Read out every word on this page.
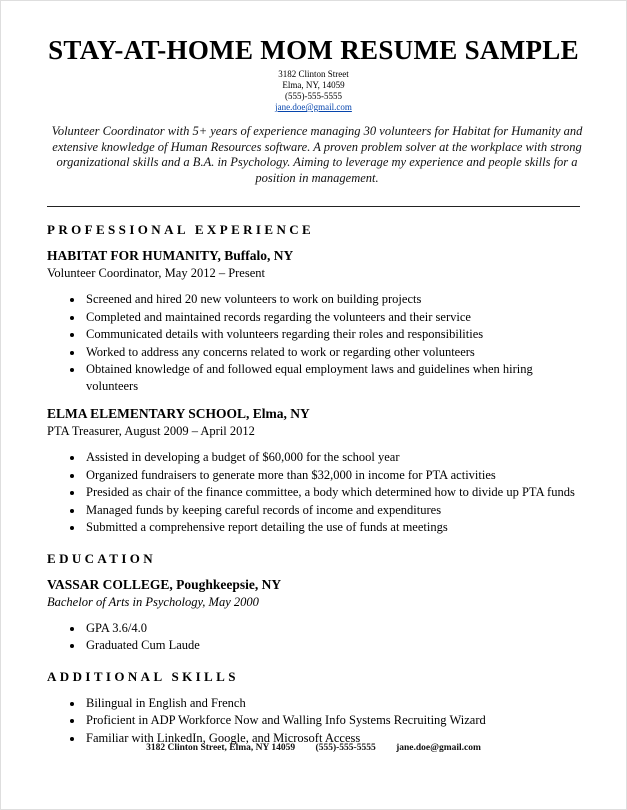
STAY-AT-HOME MOM RESUME SAMPLE
3182 Clinton Street
Elma, NY, 14059
(555)-555-5555
jane.doe@gmail.com

Volunteer Coordinator with 5+ years of experience managing 30 volunteers for Habitat for Humanity and extensive knowledge of Human Resources software. A proven problem solver at the workplace with strong organizational skills and a B.A. in Psychology. Aiming to leverage my experience and people skills for a position in management.

PROFESSIONAL EXPERIENCE
HABITAT FOR HUMANITY, Buffalo, NY
Volunteer Coordinator, May 2012 – Present
• Screened and hired 20 new volunteers to work on building projects
• Completed and maintained records regarding the volunteers and their service
• Communicated details with volunteers regarding their roles and responsibilities
• Worked to address any concerns related to work or regarding other volunteers
• Obtained knowledge of and followed equal employment laws and guidelines when hiring volunteers
ELMA ELEMENTARY SCHOOL, Elma, NY
PTA Treasurer, August 2009 – April 2012
• Assisted in developing a budget of $60,000 for the school year
• Organized fundraisers to generate more than $32,000 in income for PTA activities
• Presided as chair of the finance committee, a body which determined how to divide up PTA funds
• Managed funds by keeping careful records of income and expenditures
• Submitted a comprehensive report detailing the use of funds at meetings
EDUCATION
VASSAR COLLEGE, Poughkeepsie, NY
Bachelor of Arts in Psychology, May 2000
• GPA 3.6/4.0
• Graduated Cum Laude
ADDITIONAL SKILLS
• Bilingual in English and French
• Proficient in ADP Workforce Now and Walling Info Systems Recruiting Wizard
• Familiar with LinkedIn, Google, and Microsoft Access
3182 Clinton Street, Elma, NY 14059 (555)-555-5555 jane.doe@gmail.com
